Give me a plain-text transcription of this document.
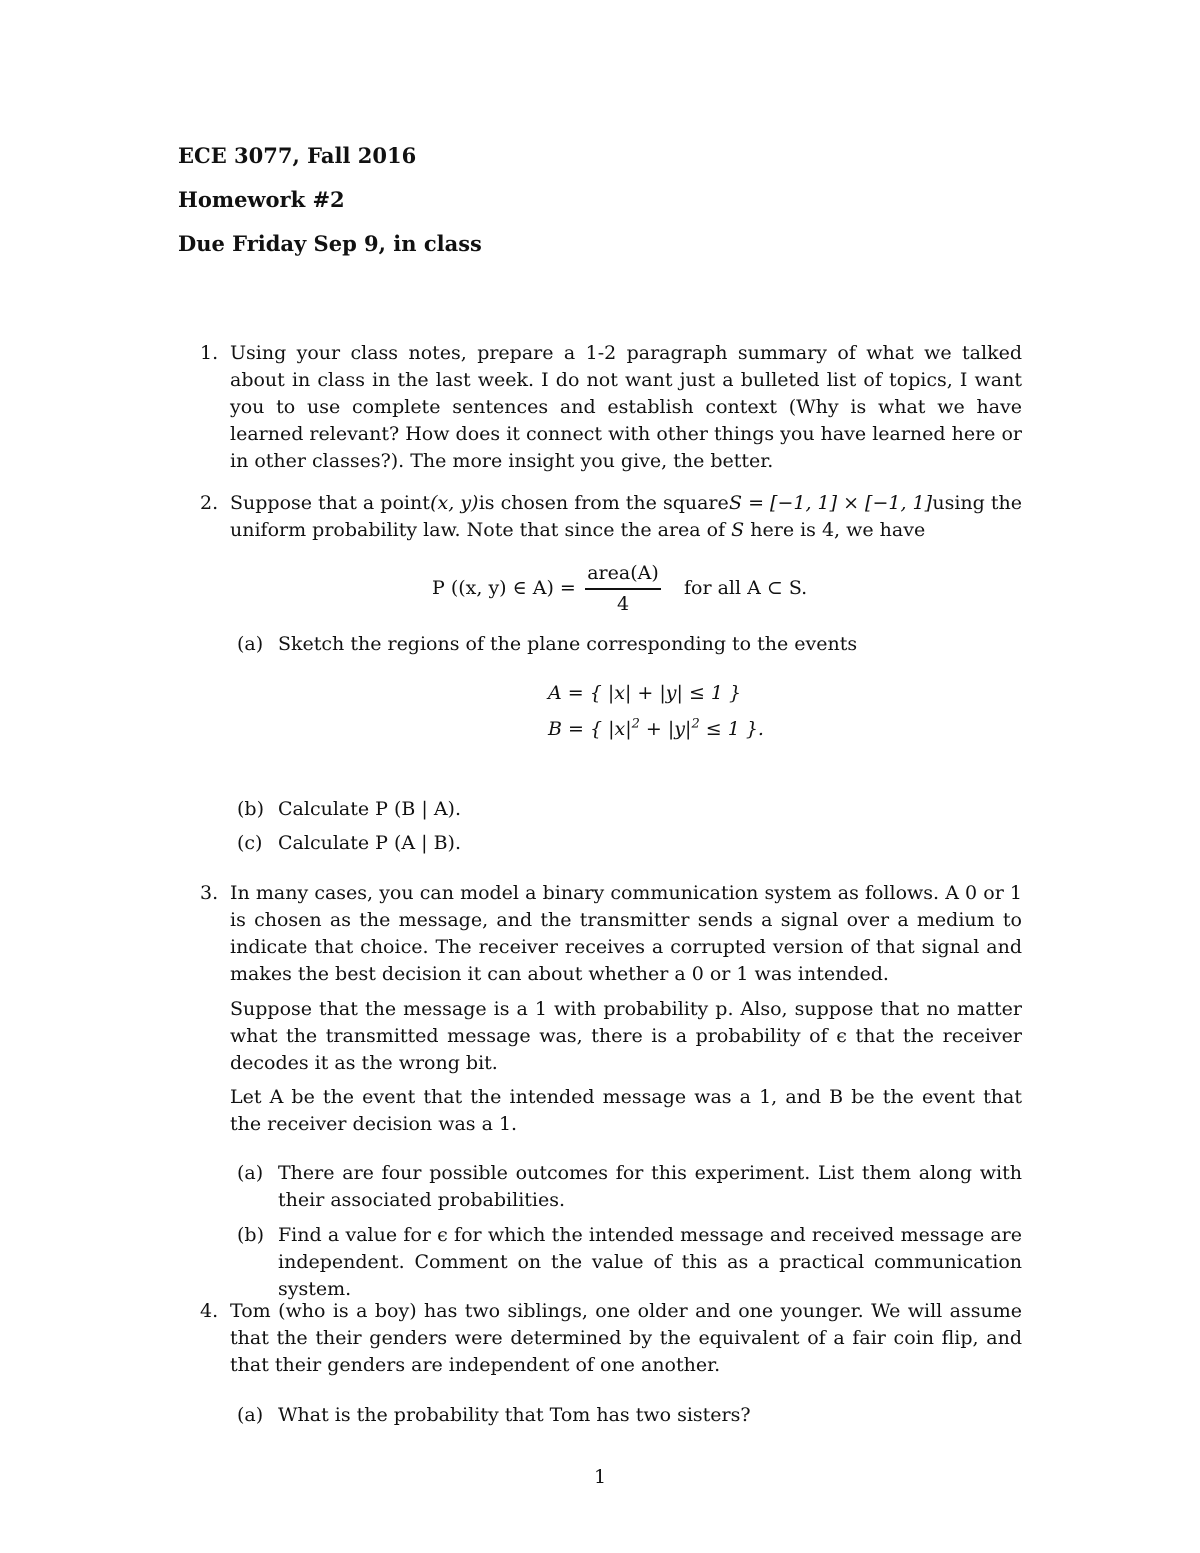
ECE 3077, Fall 2016
Homework #2
Due Friday Sep 9, in class
1. Using your class notes, prepare a 1-2 paragraph summary of what we talked about in class in the last week. I do not want just a bulleted list of topics, I want you to use complete sentences and establish context (Why is what we have learned relevant? How does it connect with other things you have learned here or in other classes?). The more insight you give, the better.
2. Suppose that a point (x, y) is chosen from the square S = [−1, 1] × [−1, 1] using the
uniform probability law. Note that since the area of S here is 4, we have
P ((x, y) ∈ A) =
area(A)
4
for all A ⊂ S.
(a) Sketch the regions of the plane corresponding to the events
A = { |x| + |y| ≤ 1 }
B = { $|x|^2 + |y|^2 \le 1$ }.
(b) Calculate P (B | A).
(c) Calculate P (A | B).
3. In many cases, you can model a binary communication system as follows. A 0 or 1 is chosen as the message, and the transmitter sends a signal over a medium to indicate that choice. The receiver receives a corrupted version of that signal and makes the best decision it can about whether a 0 or 1 was intended.
Suppose that the message is a 1 with probability p. Also, suppose that no matter what the transmitted message was, there is a probability of ϵ that the receiver decodes it as the wrong bit.
Let A be the event that the intended message was a 1, and B be the event that the receiver decision was a 1.
(a) There are four possible outcomes for this experiment. List them along with their associated probabilities.
(b) Find a value for ϵ for which the intended message and received message are independent. Comment on the value of this as a practical communication system.
4. Tom (who is a boy) has two siblings, one older and one younger. We will assume that the their genders were determined by the equivalent of a fair coin flip, and that their genders are independent of one another.
(a) What is the probability that Tom has two sisters?
1
